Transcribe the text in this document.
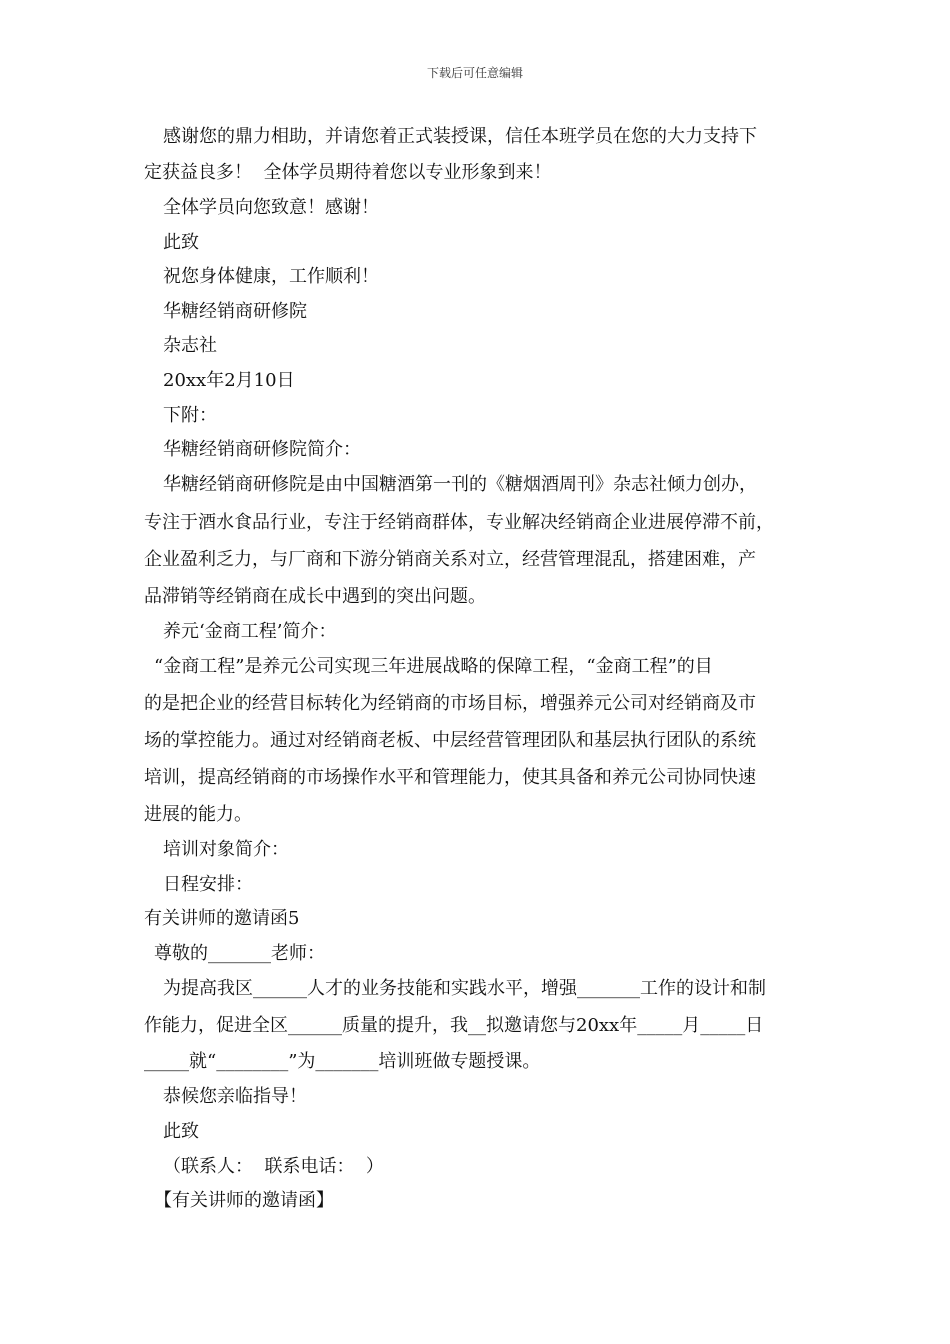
下载后可任意编辑
感谢您的鼎力相助，并请您着正式装授课，信任本班学员在您的大力支持下
定获益良多！  全体学员期待着您以专业形象到来！
全体学员向您致意！感谢！
此致
祝您身体健康，工作顺利！
华糖经销商研修院
杂志社
20xx年2月10日
下附：
华糖经销商研修院简介：
华糖经销商研修院是由中国糖酒第一刊的《糖烟酒周刊》杂志社倾力创办，
专注于酒水食品行业，专注于经销商群体，专业解决经销商企业进展停滞不前，
企业盈利乏力，与厂商和下游分销商关系对立，经营管理混乱，搭建困难，产
品滞销等经销商在成长中遇到的突出问题。
养元‘金商工程’简介：
“金商工程”是养元公司实现三年进展战略的保障工程，“金商工程”的目
的是把企业的经营目标转化为经销商的市场目标，增强养元公司对经销商及市
场的掌控能力。通过对经销商老板、中层经营管理团队和基层执行团队的系统
培训，提高经销商的市场操作水平和管理能力，使其具备和养元公司协同快速
进展的能力。
培训对象简介：
日程安排：
有关讲师的邀请函5
尊敬的_______老师：
为提高我区______人才的业务技能和实践水平，增强_______工作的设计和制
作能力，促进全区______质量的提升，我__拟邀请您与20xx年_____月_____日
_____就“________”为_______培训班做专题授课。
恭候您亲临指导！
此致
（联系人：  联系电话：  ）
【有关讲师的邀请函】
